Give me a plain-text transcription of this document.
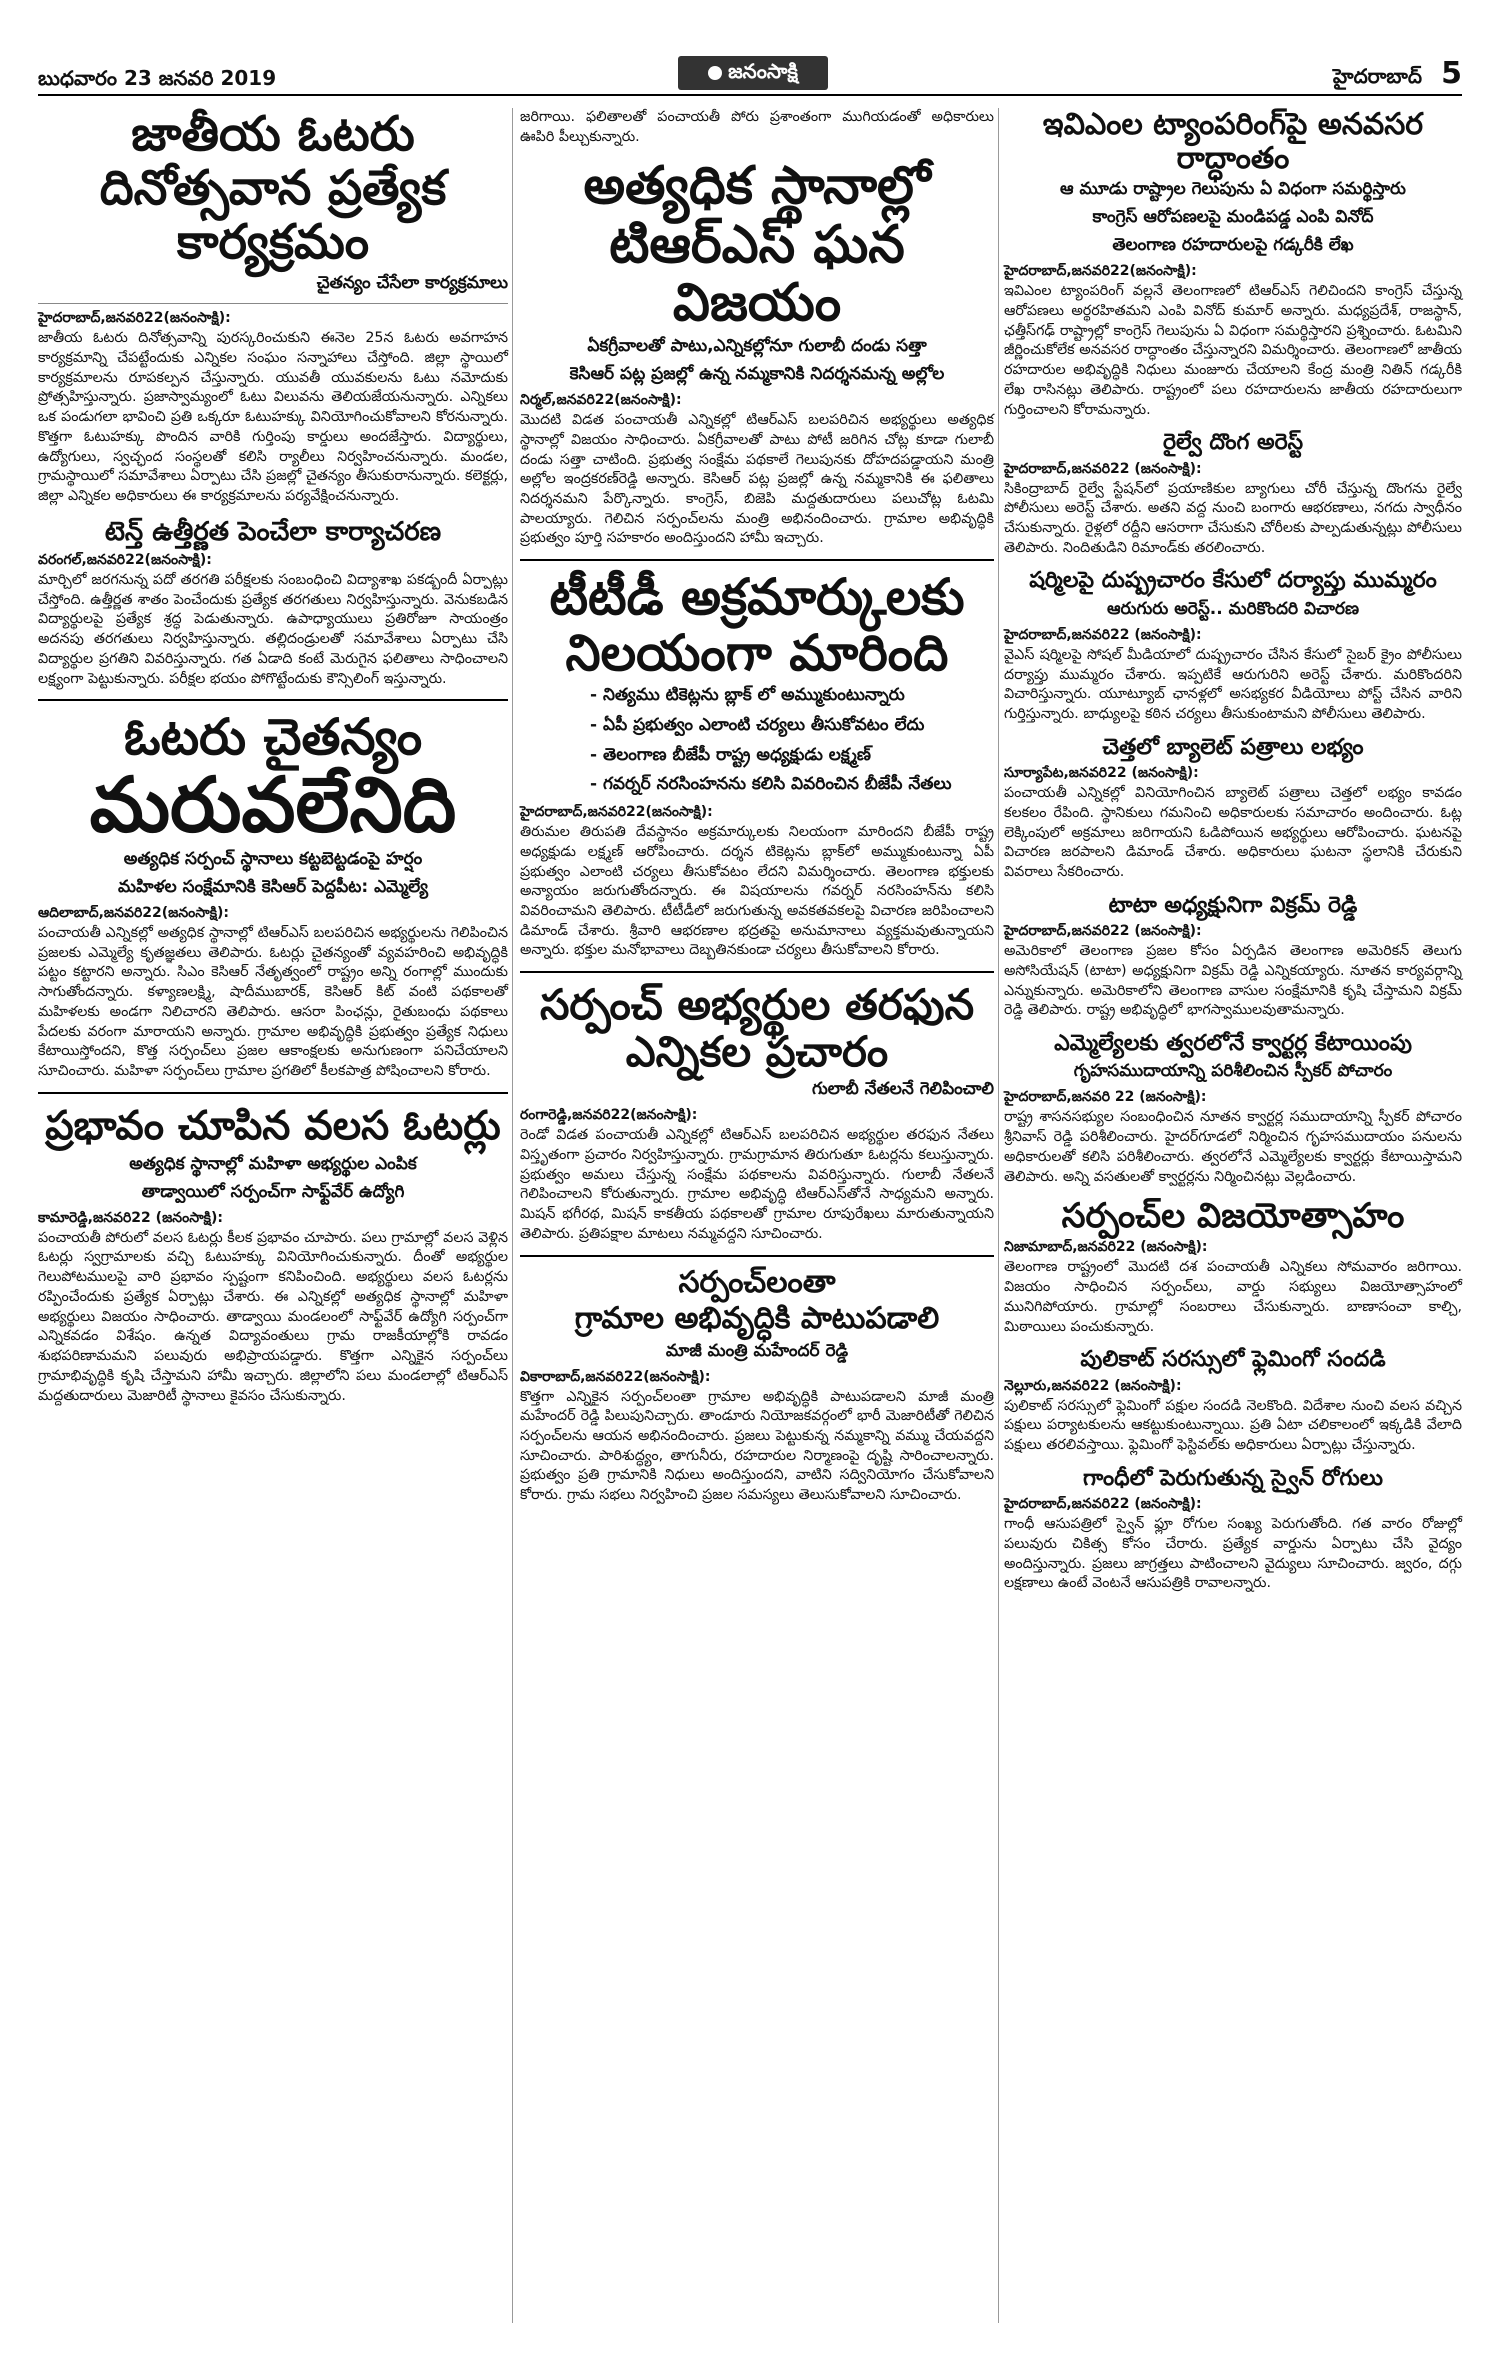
బుధవారం 23 జనవరి 2019	జనంసాక్షి	హైదరాబాద్ 5
జాతీయ ఓటరు దినోత్సవాన ప్రత్యేక కార్యక్రమం
చైతన్యం చేసేలా కార్యక్రమాలు
హైదరాబాద్,జనవరి22(జనంసాక్షి):
జాతీయ ఓటరు దినోత్సవాన్ని పురస్కరించుకుని ఈనెల 25న ఓటరు అవగాహన కార్యక్రమాన్ని చేపట్టేందుకు ఎన్నికల సంఘం సన్నాహాలు చేస్తోంది. జిల్లా స్థాయిలో కార్యక్రమాలను రూపకల్పన చేస్తున్నారు. యువతీ యువకులను ఓటు నమోదుకు ప్రోత్సహిస్తున్నారు. ప్రజాస్వామ్యంలో ఓటు విలువను తెలియజేయనున్నారు. ఎన్నికలు ఒక పండుగలా భావించి ప్రతి ఒక్కరూ ఓటుహక్కు వినియోగించుకోవాలని కోరనున్నారు. కొత్తగా ఓటుహక్కు పొందిన వారికి గుర్తింపు కార్డులు అందజేస్తారు. విద్యార్థులు, ఉద్యోగులు, స్వచ్ఛంద సంస్థలతో కలిసి ర్యాలీలు నిర్వహించనున్నారు. మండల, గ్రామస్థాయిలో సమావేశాలు ఏర్పాటు చేసి ప్రజల్లో చైతన్యం తీసుకురానున్నారు. కలెక్టర్లు, జిల్లా ఎన్నికల అధికారులు ఈ కార్యక్రమాలను పర్యవేక్షించనున్నారు.
టెన్త్ ఉత్తీర్ణత పెంచేలా కార్యాచరణ
వరంగల్,జనవరి22(జనంసాక్షి):
మార్చిలో జరగనున్న పదో తరగతి పరీక్షలకు సంబంధించి విద్యాశాఖ పకడ్బందీ ఏర్పాట్లు చేస్తోంది. ఉత్తీర్ణత శాతం పెంచేందుకు ప్రత్యేక తరగతులు నిర్వహిస్తున్నారు. వెనుకబడిన విద్యార్థులపై ప్రత్యేక శ్రద్ధ పెడుతున్నారు. ఉపాధ్యాయులు ప్రతిరోజూ సాయంత్రం అదనపు తరగతులు నిర్వహిస్తున్నారు. తల్లిదండ్రులతో సమావేశాలు ఏర్పాటు చేసి విద్యార్థుల ప్రగతిని వివరిస్తున్నారు. గత ఏడాది కంటే మెరుగైన ఫలితాలు సాధించాలని లక్ష్యంగా పెట్టుకున్నారు. పరీక్షల భయం పోగొట్టేందుకు కౌన్సిలింగ్ ఇస్తున్నారు.
ఓటరు చైతన్యం
మరువలేనిది
అత్యధిక సర్పంచ్ స్థానాలు కట్టబెట్టడంపై హర్షం
మహిళల సంక్షేమానికి కెసిఆర్ పెద్దపీట: ఎమ్మెల్యే
ఆదిలాబాద్,జనవరి22(జనంసాక్షి):
పంచాయతీ ఎన్నికల్లో అత్యధిక స్థానాల్లో టిఆర్ఎస్ బలపరిచిన అభ్యర్థులను గెలిపించిన ప్రజలకు ఎమ్మెల్యే కృతజ్ఞతలు తెలిపారు. ఓటర్లు చైతన్యంతో వ్యవహరించి అభివృద్ధికి పట్టం కట్టారని అన్నారు. సిఎం కెసిఆర్ నేతృత్వంలో రాష్ట్రం అన్ని రంగాల్లో ముందుకు సాగుతోందన్నారు. కళ్యాణలక్ష్మి, షాదీముబారక్, కెసిఆర్ కిట్ వంటి పథకాలతో మహిళలకు అండగా నిలిచారని తెలిపారు. ఆసరా పింఛన్లు, రైతుబంధు పథకాలు పేదలకు వరంగా మారాయని అన్నారు. గ్రామాల అభివృద్ధికి ప్రభుత్వం ప్రత్యేక నిధులు కేటాయిస్తోందని, కొత్త సర్పంచ్‌లు ప్రజల ఆకాంక్షలకు అనుగుణంగా పనిచేయాలని సూచించారు. మహిళా సర్పంచ్‌లు గ్రామాల ప్రగతిలో కీలకపాత్ర పోషించాలని కోరారు.
ప్రభావం చూపిన వలస ఓటర్లు
అత్యధిక స్థానాల్లో మహిళా అభ్యర్థుల ఎంపిక
తాడ్వాయిలో సర్పంచ్‌గా సాఫ్ట్‌వేర్ ఉద్యోగి
కామారెడ్డి,జనవరి22 (జనంసాక్షి):
పంచాయతీ పోరులో వలస ఓటర్లు కీలక ప్రభావం చూపారు. పలు గ్రామాల్లో వలస వెళ్లిన ఓటర్లు స్వగ్రామాలకు వచ్చి ఓటుహక్కు వినియోగించుకున్నారు. దీంతో అభ్యర్థుల గెలుపోటములపై వారి ప్రభావం స్పష్టంగా కనిపించింది. అభ్యర్థులు వలస ఓటర్లను రప్పించేందుకు ప్రత్యేక ఏర్పాట్లు చేశారు. ఈ ఎన్నికల్లో అత్యధిక స్థానాల్లో మహిళా అభ్యర్థులు విజయం సాధించారు. తాడ్వాయి మండలంలో సాఫ్ట్‌వేర్ ఉద్యోగి సర్పంచ్‌గా ఎన్నికవడం విశేషం. ఉన్నత విద్యావంతులు గ్రామ రాజకీయాల్లోకి రావడం శుభపరిణామమని పలువురు అభిప్రాయపడ్డారు. కొత్తగా ఎన్నికైన సర్పంచ్‌లు గ్రామాభివృద్ధికి కృషి చేస్తామని హామీ ఇచ్చారు. జిల్లాలోని పలు మండలాల్లో టిఆర్ఎస్ మద్దతుదారులు మెజారిటీ స్థానాలు కైవసం చేసుకున్నారు.
జరిగాయి. ఫలితాలతో పంచాయతీ పోరు ప్రశాంతంగా ముగియడంతో అధికారులు ఊపిరి పీల్చుకున్నారు.
అత్యధిక స్థానాల్లో టిఆర్ఎస్ ఘన విజయం
ఏకగ్రీవాలతో పాటు,ఎన్నికల్లోనూ గులాబీ దండు సత్తా
కెసిఆర్ పట్ల ప్రజల్లో ఉన్న నమ్మకానికి నిదర్శనమన్న అల్లోల
నిర్మల్,జనవరి22(జనంసాక్షి):
మొదటి విడత పంచాయతీ ఎన్నికల్లో టిఆర్ఎస్ బలపరిచిన అభ్యర్థులు అత్యధిక స్థానాల్లో విజయం సాధించారు. ఏకగ్రీవాలతో పాటు పోటీ జరిగిన చోట్ల కూడా గులాబీ దండు సత్తా చాటింది. ప్రభుత్వ సంక్షేమ పథకాలే గెలుపునకు దోహదపడ్డాయని మంత్రి అల్లోల ఇంద్రకరణ్‌రెడ్డి అన్నారు. కెసిఆర్ పట్ల ప్రజల్లో ఉన్న నమ్మకానికి ఈ ఫలితాలు నిదర్శనమని పేర్కొన్నారు. కాంగ్రెస్, బిజెపి మద్దతుదారులు పలుచోట్ల ఓటమి పాలయ్యారు. గెలిచిన సర్పంచ్‌లను మంత్రి అభినందించారు. గ్రామాల అభివృద్ధికి ప్రభుత్వం పూర్తి సహకారం అందిస్తుందని హామీ ఇచ్చారు.
టీటీడీ అక్రమార్కులకు నిలయంగా మారింది
- నిత్యము టికెట్లను బ్లాక్ లో అమ్ముకుంటున్నారు
- ఏపీ ప్రభుత్వం ఎలాంటి చర్యలు తీసుకోవటం లేదు
- తెలంగాణ బీజేపీ రాష్ట్ర అధ్యక్షుడు లక్ష్మణ్
- గవర్నర్ నరసింహనను కలిసి వివరించిన బీజేపీ నేతలు
హైదరాబాద్,జనవరి22(జనంసాక్షి):
తిరుమల తిరుపతి దేవస్థానం అక్రమార్కులకు నిలయంగా మారిందని బీజేపీ రాష్ట్ర అధ్యక్షుడు లక్ష్మణ్ ఆరోపించారు. దర్శన టికెట్లను బ్లాక్‌లో అమ్ముకుంటున్నా ఏపీ ప్రభుత్వం ఎలాంటి చర్యలు తీసుకోవటం లేదని విమర్శించారు. తెలంగాణ భక్తులకు అన్యాయం జరుగుతోందన్నారు. ఈ విషయాలను గవర్నర్ నరసింహన్‌ను కలిసి వివరించామని తెలిపారు. టీటీడీలో జరుగుతున్న అవకతవకలపై విచారణ జరిపించాలని డిమాండ్ చేశారు. శ్రీవారి ఆభరణాల భద్రతపై అనుమానాలు వ్యక్తమవుతున్నాయని అన్నారు. భక్తుల మనోభావాలు దెబ్బతినకుండా చర్యలు తీసుకోవాలని కోరారు.
సర్పంచ్ అభ్యర్థుల తరఫున
ఎన్నికల ప్రచారం
గులాబీ నేతలనే గెలిపించాలి
రంగారెడ్డి,జనవరి22(జనంసాక్షి):
రెండో విడత పంచాయతీ ఎన్నికల్లో టిఆర్ఎస్ బలపరిచిన అభ్యర్థుల తరఫున నేతలు విస్తృతంగా ప్రచారం నిర్వహిస్తున్నారు. గ్రామగ్రామాన తిరుగుతూ ఓటర్లను కలుస్తున్నారు. ప్రభుత్వం అమలు చేస్తున్న సంక్షేమ పథకాలను వివరిస్తున్నారు. గులాబీ నేతలనే గెలిపించాలని కోరుతున్నారు. గ్రామాల అభివృద్ధి టిఆర్ఎస్‌తోనే సాధ్యమని అన్నారు. మిషన్ భగీరథ, మిషన్ కాకతీయ పథకాలతో గ్రామాల రూపురేఖలు మారుతున్నాయని తెలిపారు. ప్రతిపక్షాల మాటలు నమ్మవద్దని సూచించారు.
సర్పంచ్‌లంతా
గ్రామాల అభివృద్ధికి పాటుపడాలి
మాజీ మంత్రి మహేందర్ రెడ్డి
వికారాబాద్,జనవరి22(జనంసాక్షి):
కొత్తగా ఎన్నికైన సర్పంచ్‌లంతా గ్రామాల అభివృద్ధికి పాటుపడాలని మాజీ మంత్రి మహేందర్ రెడ్డి పిలుపునిచ్చారు. తాండూరు నియోజకవర్గంలో భారీ మెజారిటీతో గెలిచిన సర్పంచ్‌లను ఆయన అభినందించారు. ప్రజలు పెట్టుకున్న నమ్మకాన్ని వమ్ము చేయవద్దని సూచించారు. పారిశుద్ధ్యం, తాగునీరు, రహదారుల నిర్మాణంపై దృష్టి సారించాలన్నారు. ప్రభుత్వం ప్రతి గ్రామానికి నిధులు అందిస్తుందని, వాటిని సద్వినియోగం చేసుకోవాలని కోరారు. గ్రామ సభలు నిర్వహించి ప్రజల సమస్యలు తెలుసుకోవాలని సూచించారు.
ఇవిఎంల ట్యాంపరింగ్‌పై అనవసర రాద్ధాంతం
ఆ మూడు రాష్ట్రాల గెలుపును ఏ విధంగా సమర్థిస్తారు
కాంగ్రెస్ ఆరోపణలపై మండిపడ్డ ఎంపి వినోద్
తెలంగాణ రహదారులపై గడ్కరీకి లేఖ
హైదరాబాద్,జనవరి22(జనంసాక్షి):
ఇవిఎంల ట్యాంపరింగ్ వల్లనే తెలంగాణలో టిఆర్ఎస్ గెలిచిందని కాంగ్రెస్ చేస్తున్న ఆరోపణలు అర్థరహితమని ఎంపి వినోద్ కుమార్ అన్నారు. మధ్యప్రదేశ్, రాజస్థాన్, ఛత్తీస్‌గఢ్ రాష్ట్రాల్లో కాంగ్రెస్ గెలుపును ఏ విధంగా సమర్థిస్తారని ప్రశ్నించారు. ఓటమిని జీర్ణించుకోలేక అనవసర రాద్ధాంతం చేస్తున్నారని విమర్శించారు. తెలంగాణలో జాతీయ రహదారుల అభివృద్ధికి నిధులు మంజూరు చేయాలని కేంద్ర మంత్రి నితిన్ గడ్కరీకి లేఖ రాసినట్లు తెలిపారు. రాష్ట్రంలో పలు రహదారులను జాతీయ రహదారులుగా గుర్తించాలని కోరామన్నారు.
రైల్వే దొంగ అరెస్ట్
హైదరాబాద్,జనవరి22 (జనంసాక్షి):
సికింద్రాబాద్ రైల్వే స్టేషన్‌లో ప్రయాణికుల బ్యాగులు చోరీ చేస్తున్న దొంగను రైల్వే పోలీసులు అరెస్ట్ చేశారు. అతని వద్ద నుంచి బంగారు ఆభరణాలు, నగదు స్వాధీనం చేసుకున్నారు. రైళ్లలో రద్దీని ఆసరాగా చేసుకుని చోరీలకు పాల్పడుతున్నట్లు పోలీసులు తెలిపారు. నిందితుడిని రిమాండ్‌కు తరలించారు.
షర్మిలపై దుష్ప్రచారం కేసులో దర్యాప్తు ముమ్మరం
ఆరుగురు అరెస్ట్.. మరికొందరి విచారణ
హైదరాబాద్,జనవరి22 (జనంసాక్షి):
వైఎస్ షర్మిలపై సోషల్ మీడియాలో దుష్ప్రచారం చేసిన కేసులో సైబర్ క్రైం పోలీసులు దర్యాప్తు ముమ్మరం చేశారు. ఇప్పటికే ఆరుగురిని అరెస్ట్ చేశారు. మరికొందరిని విచారిస్తున్నారు. యూట్యూబ్ ఛానళ్లలో అసభ్యకర వీడియోలు పోస్ట్ చేసిన వారిని గుర్తిస్తున్నారు. బాధ్యులపై కఠిన చర్యలు తీసుకుంటామని పోలీసులు తెలిపారు.
చెత్తలో బ్యాలెట్ పత్రాలు లభ్యం
సూర్యాపేట,జనవరి22 (జనంసాక్షి):
పంచాయతీ ఎన్నికల్లో వినియోగించిన బ్యాలెట్ పత్రాలు చెత్తలో లభ్యం కావడం కలకలం రేపింది. స్థానికులు గమనించి అధికారులకు సమాచారం అందించారు. ఓట్ల లెక్కింపులో అక్రమాలు జరిగాయని ఓడిపోయిన అభ్యర్థులు ఆరోపించారు. ఘటనపై విచారణ జరపాలని డిమాండ్ చేశారు. అధికారులు ఘటనా స్థలానికి చేరుకుని వివరాలు సేకరించారు.
టాటా అధ్యక్షునిగా విక్రమ్ రెడ్డి
హైదరాబాద్,జనవరి22 (జనంసాక్షి):
అమెరికాలో తెలంగాణ ప్రజల కోసం ఏర్పడిన తెలంగాణ అమెరికన్ తెలుగు అసోసియేషన్ (టాటా) అధ్యక్షునిగా విక్రమ్ రెడ్డి ఎన్నికయ్యారు. నూతన కార్యవర్గాన్ని ఎన్నుకున్నారు. అమెరికాలోని తెలంగాణ వాసుల సంక్షేమానికి కృషి చేస్తామని విక్రమ్ రెడ్డి తెలిపారు. రాష్ట్ర అభివృద్ధిలో భాగస్వాములవుతామన్నారు.
ఎమ్మెల్యేలకు త్వరలోనే క్వార్టర్ల కేటాయింపు
గృహసముదాయాన్ని పరిశీలించిన స్పీకర్ పోచారం
హైదరాబాద్,జనవరి 22 (జనంసాక్షి):
రాష్ట్ర శాసనసభ్యుల సంబంధించిన నూతన క్వార్టర్ల సముదాయాన్ని స్పీకర్ పోచారం శ్రీనివాస్ రెడ్డి పరిశీలించారు. హైదర్‌గూడలో నిర్మించిన గృహసముదాయం పనులను అధికారులతో కలిసి పరిశీలించారు. త్వరలోనే ఎమ్మెల్యేలకు క్వార్టర్లు కేటాయిస్తామని తెలిపారు. అన్ని వసతులతో క్వార్టర్లను నిర్మించినట్లు వెల్లడించారు.
సర్పంచ్‌ల విజయోత్సాహం
నిజామాబాద్,జనవరి22 (జనంసాక్షి):
తెలంగాణ రాష్ట్రంలో మొదటి దశ పంచాయతీ ఎన్నికలు సోమవారం జరిగాయి. విజయం సాధించిన సర్పంచ్‌లు, వార్డు సభ్యులు విజయోత్సాహంలో మునిగిపోయారు. గ్రామాల్లో సంబరాలు చేసుకున్నారు. బాణాసంచా కాల్చి, మిఠాయిలు పంచుకున్నారు.
పులికాట్ సరస్సులో ఫ్లెమింగో సందడి
నెల్లూరు,జనవరి22 (జనంసాక్షి):
పులికాట్ సరస్సులో ఫ్లెమింగో పక్షుల సందడి నెలకొంది. విదేశాల నుంచి వలస వచ్చిన పక్షులు పర్యాటకులను ఆకట్టుకుంటున్నాయి. ప్రతి ఏటా చలికాలంలో ఇక్కడికి వేలాది పక్షులు తరలివస్తాయి. ఫ్లెమింగో ఫెస్టివల్‌కు అధికారులు ఏర్పాట్లు చేస్తున్నారు.
గాంధీలో పెరుగుతున్న స్వైన్ రోగులు
హైదరాబాద్,జనవరి22 (జనంసాక్షి):
గాంధీ ఆసుపత్రిలో స్వైన్ ఫ్లూ రోగుల సంఖ్య పెరుగుతోంది. గత వారం రోజుల్లో పలువురు చికిత్స కోసం చేరారు. ప్రత్యేక వార్డును ఏర్పాటు చేసి వైద్యం అందిస్తున్నారు. ప్రజలు జాగ్రత్తలు పాటించాలని వైద్యులు సూచించారు. జ్వరం, దగ్గు లక్షణాలు ఉంటే వెంటనే ఆసుపత్రికి రావాలన్నారు.
